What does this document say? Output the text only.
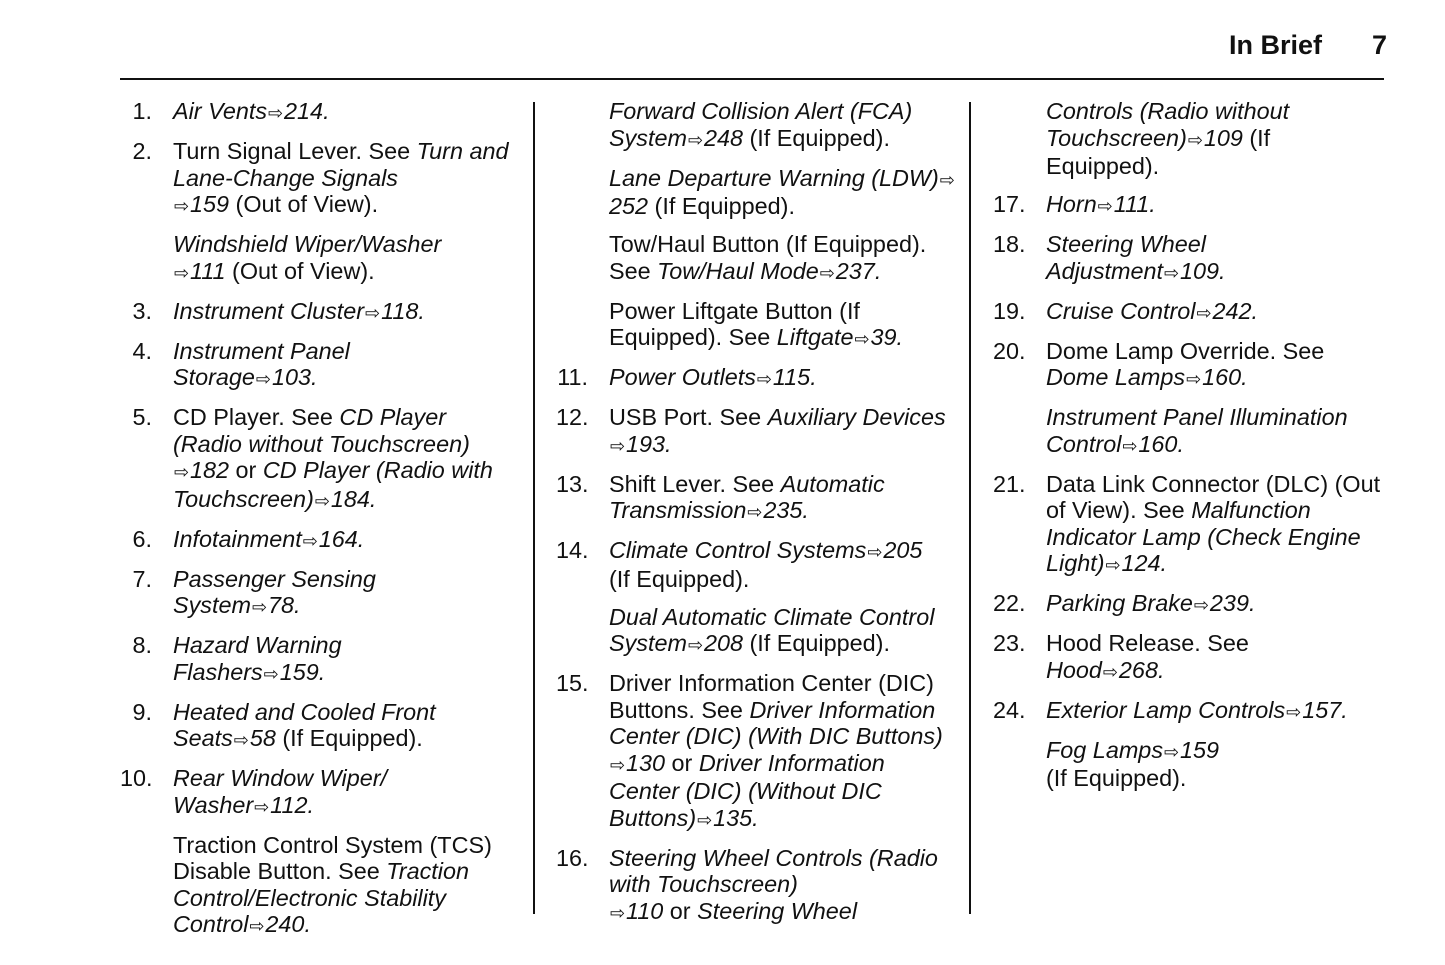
In Brief 7
1. Air Vents⇨214.
2. Turn Signal Lever. See Turn and Lane-Change Signals
⇨159 (Out of View).
Windshield Wiper/Washer
⇨111 (Out of View).
3. Instrument Cluster⇨118.
4. Instrument Panel
Storage⇨103.
5. CD Player. See CD Player (Radio without Touchscreen)
⇨182 or CD Player (Radio with Touchscreen)⇨184.
6. Infotainment⇨164.
7. Passenger Sensing
System⇨78.
8. Hazard Warning
Flashers⇨159.
9. Heated and Cooled Front
Seats⇨58 (If Equipped).
10. Rear Window Wiper/
Washer⇨112.
Traction Control System (TCS) Disable Button. See Traction Control/Electronic Stability Control⇨240.
Forward Collision Alert (FCA) System⇨248 (If Equipped).
Lane Departure Warning (LDW)⇨252 (If Equipped).
Tow/Haul Button (If Equipped). See Tow/Haul Mode⇨237.
Power Liftgate Button (If Equipped). See Liftgate⇨39.
11. Power Outlets⇨115.
12. USB Port. See Auxiliary Devices⇨193.
13. Shift Lever. See Automatic Transmission⇨235.
14. Climate Control Systems⇨205
(If Equipped).
Dual Automatic Climate Control System⇨208 (If Equipped).
15. Driver Information Center (DIC) Buttons. See Driver Information Center (DIC) (With DIC Buttons)⇨130 or Driver Information Center (DIC) (Without DIC Buttons)⇨135.
16. Steering Wheel Controls (Radio with Touchscreen)
⇨110 or Steering Wheel
Controls (Radio without Touchscreen)⇨109 (If Equipped).
17. Horn⇨111.
18. Steering Wheel
Adjustment⇨109.
19. Cruise Control⇨242.
20. Dome Lamp Override. See Dome Lamps⇨160.
Instrument Panel Illumination Control⇨160.
21. Data Link Connector (DLC) (Out of View). See Malfunction Indicator Lamp (Check Engine Light)⇨124.
22. Parking Brake⇨239.
23. Hood Release. See
Hood⇨268.
24. Exterior Lamp Controls⇨157.
Fog Lamps⇨159
(If Equipped).
